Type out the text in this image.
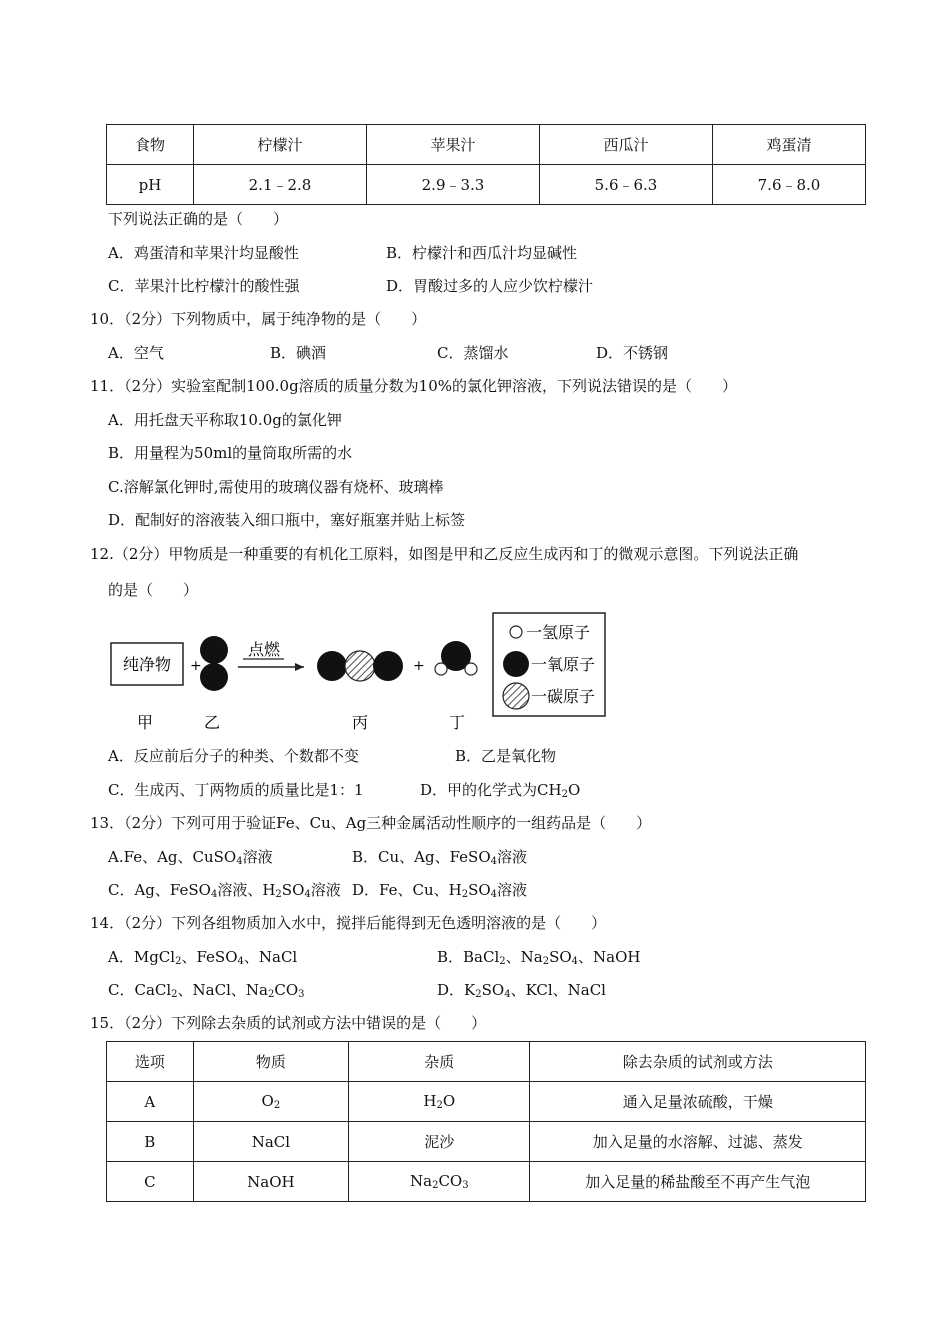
食物	柠檬汁	苹果汁	西瓜汁	鸡蛋清
pH	2.1﹣2.8	2.9﹣3.3	5.6﹣6.3	7.6﹣8.0
下列说法正确的是（　　）
A．鸡蛋清和苹果汁均显酸性	B．柠檬汁和西瓜汁均显碱性
C．苹果汁比柠檬汁的酸性强	D．胃酸过多的人应少饮柠檬汁
10．（2分）下列物质中，属于纯净物的是（　　）
A．空气	B．碘酒	C．蒸馏水	D．不锈钢
11．（2分）实验室配制100.0g溶质的质量分数为10%的氯化钾溶液，下列说法错误的是（　　）
A．用托盘天平称取10.0g的氯化钾
B．用量程为50ml的量筒取所需的水
C.溶解氯化钾时,需使用的玻璃仪器有烧杯、玻璃棒
D．配制好的溶液装入细口瓶中，塞好瓶塞并贴上标签
12.（2分）甲物质是一种重要的有机化工原料，如图是甲和乙反应生成丙和丁的微观示意图。下列说法正确
的是（　　）
纯净物 +
点燃
+
一氢原子
一氧原子
一碳原子
甲	乙	丙	丁
A．反应前后分子的种类、个数都不变	B．乙是氧化物
C．生成丙、丁两物质的质量比是1：1	D．甲的化学式为$CH_2O$
13．（2分）下列可用于验证Fe、Cu、Ag三种金属活动性顺序的一组药品是（　　）
A.Fe、Ag、CuSO$_4$溶液	B．Cu、Ag、FeSO$_4$溶液
C．Ag、FeSO$_4$溶液、$H_2SO_4$溶液 D．Fe、Cu、$H_2SO_4$溶液
14．（2分）下列各组物质加入水中，搅拌后能得到无色透明溶液的是（　　）
A．MgCl$_2$、FeSO$_4$、NaCl	B．BaCl$_2$、$Na_2SO_4$、NaOH
C．CaCl$_2$、NaCl、$Na_2CO_3$	D．$K_2SO_4$、KCl、NaCl
15．（2分）下列除去杂质的试剂或方法中错误的是（　　）
选项	物质	杂质	除去杂质的试剂或方法
A	$O_2$	$H_2O$	通入足量浓硫酸，干燥
B	NaCl	泥沙	加入足量的水溶解、过滤、蒸发
C	NaOH	$Na_2CO_3$	加入足量的稀盐酸至不再产生气泡
